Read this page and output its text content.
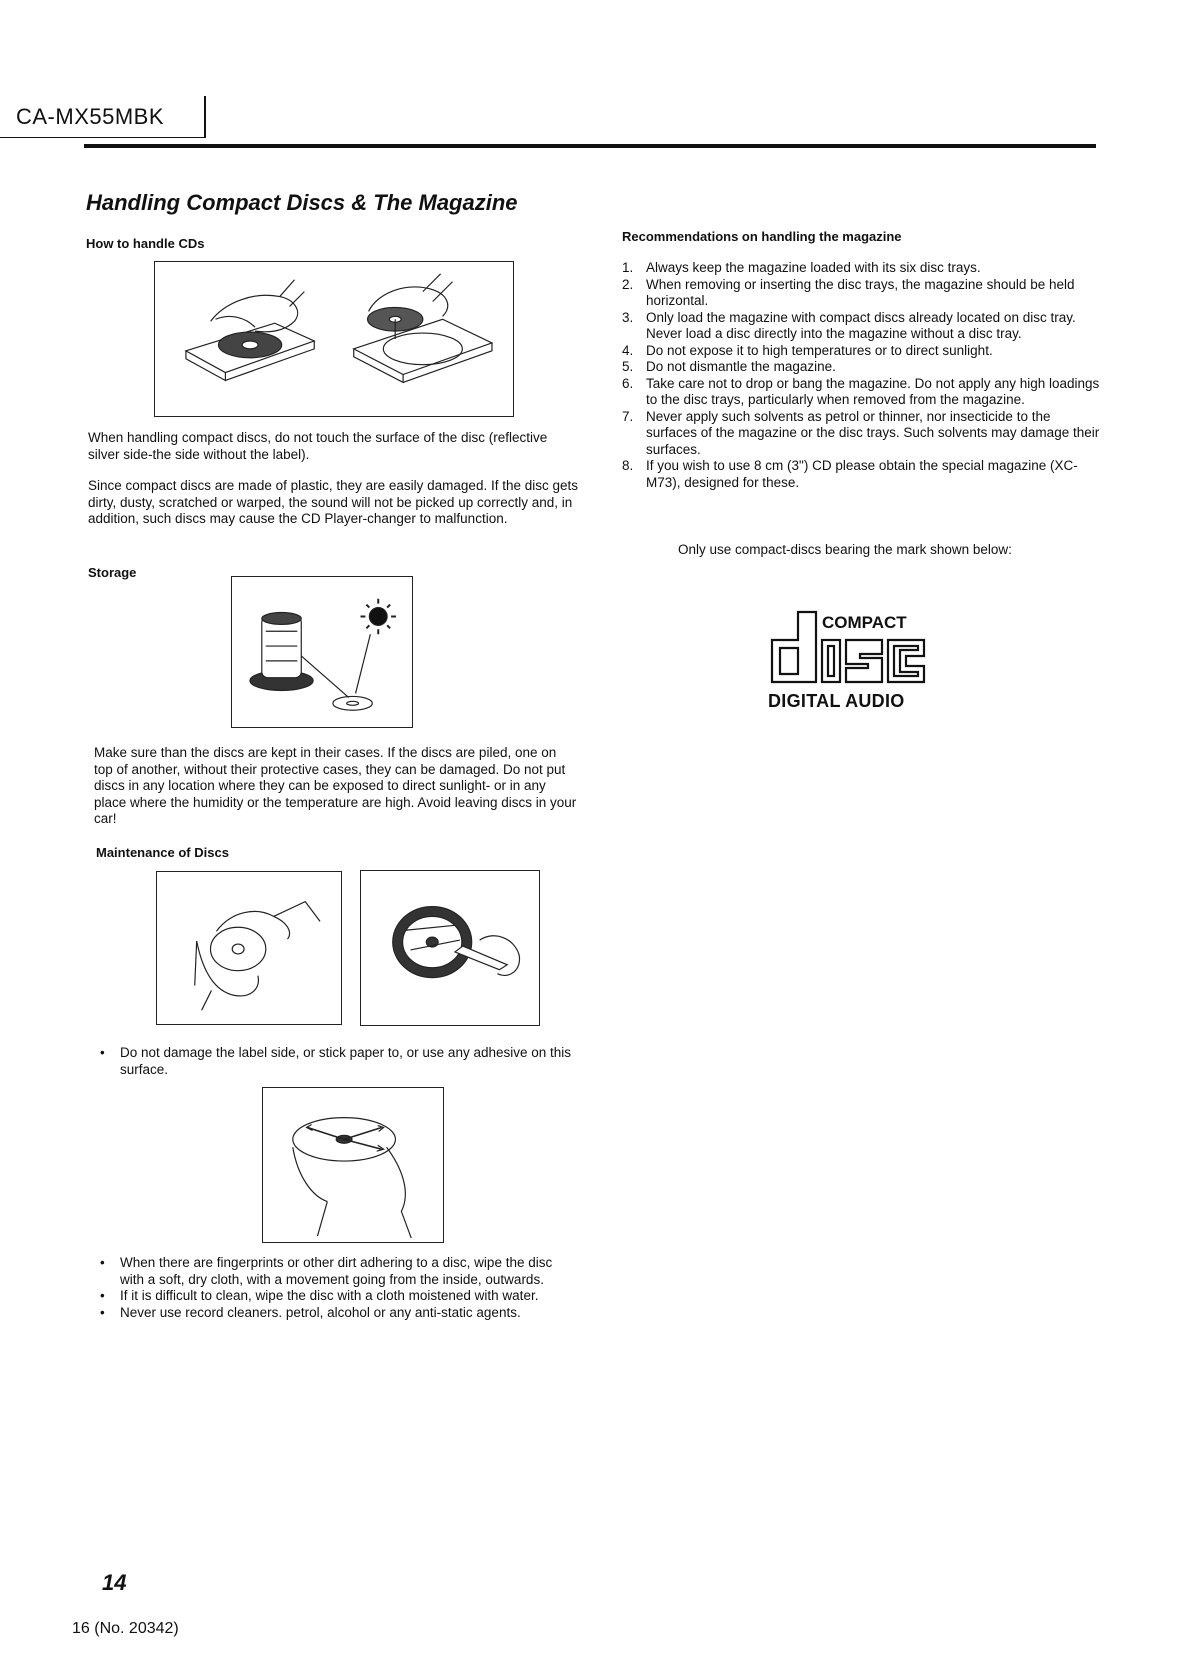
CA-MX55MBK
Handling Compact Discs & The Magazine
How to handle CDs
When handling compact discs, do not touch the surface of the disc (reflective silver side-the side without the label).
Since compact discs are made of plastic, they are easily damaged. If the disc gets dirty, dusty, scratched or warped, the sound will not be picked up correctly and, in addition, such discs may cause the CD Player-changer to malfunction.
Storage
Make sure than the discs are kept in their cases. If the discs are piled, one on top of another, without their protective cases, they can be damaged. Do not put discs in any location where they can be exposed to direct sunlight- or in any place where the humidity or the temperature are high. Avoid leaving discs in your car!
Maintenance of Discs
• Do not damage the label side, or stick paper to, or use any adhesive on this surface.
• When there are fingerprints or other dirt adhering to a disc, wipe the disc with a soft, dry cloth, with a movement going from the inside, outwards.
• If it is difficult to clean, wipe the disc with a cloth moistened with water.
• Never use record cleaners. petrol, alcohol or any anti-static agents.
Recommendations on handling the magazine
1. Always keep the magazine loaded with its six disc trays.
2. When removing or inserting the disc trays, the magazine should be held horizontal.
3. Only load the magazine with compact discs already located on disc tray. Never load a disc directly into the magazine without a disc tray.
4. Do not expose it to high temperatures or to direct sunlight.
5. Do not dismantle the magazine.
6. Take care not to drop or bang the magazine. Do not apply any high loadings to the disc trays, particularly when removed from the magazine.
7. Never apply such solvents as petrol or thinner, nor insecticide to the surfaces of the magazine or the disc trays. Such solvents may damage their surfaces.
8. If you wish to use 8 cm (3") CD please obtain the special magazine (XC-M73), designed for these.
Only use compact-discs bearing the mark shown below:
COMPACT
DIGITAL AUDIO
14
16 (No. 20342)
